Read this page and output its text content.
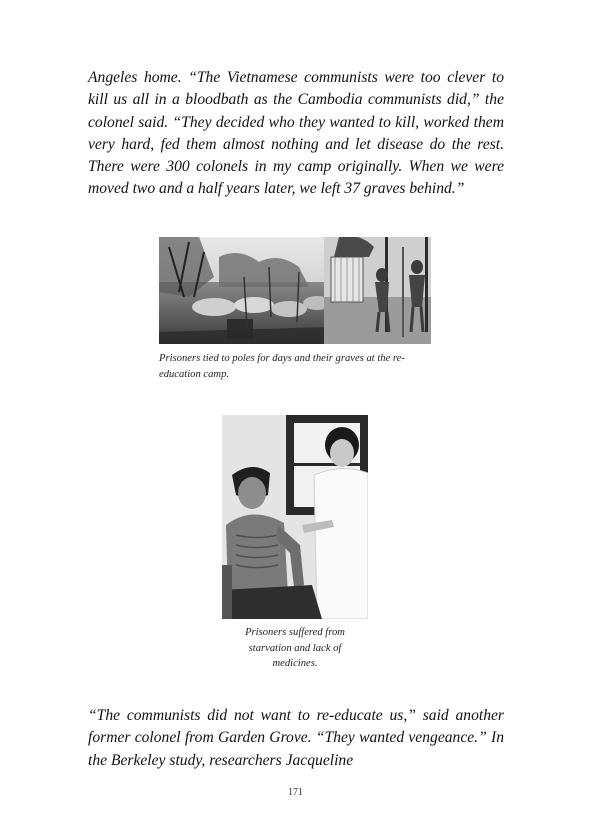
Angeles home. “The Vietnamese communists were too clever to kill us all in a bloodbath as the Cambodia communists did,” the colonel said. “They decided who they wanted to kill, worked them very hard, fed them almost nothing and let disease do the rest. There were 300 colonels in my camp originally. When we were moved two and a half years later, we left 37 graves behind.”

Prisoners tied to poles for days and their graves at the re-education camp.

Prisoners suffered from starvation and lack of medicines.

“The communists did not want to re-educate us,” said another former colonel from Garden Grove. “They wanted vengeance.” In the Berkeley study, researchers Jacqueline

171
